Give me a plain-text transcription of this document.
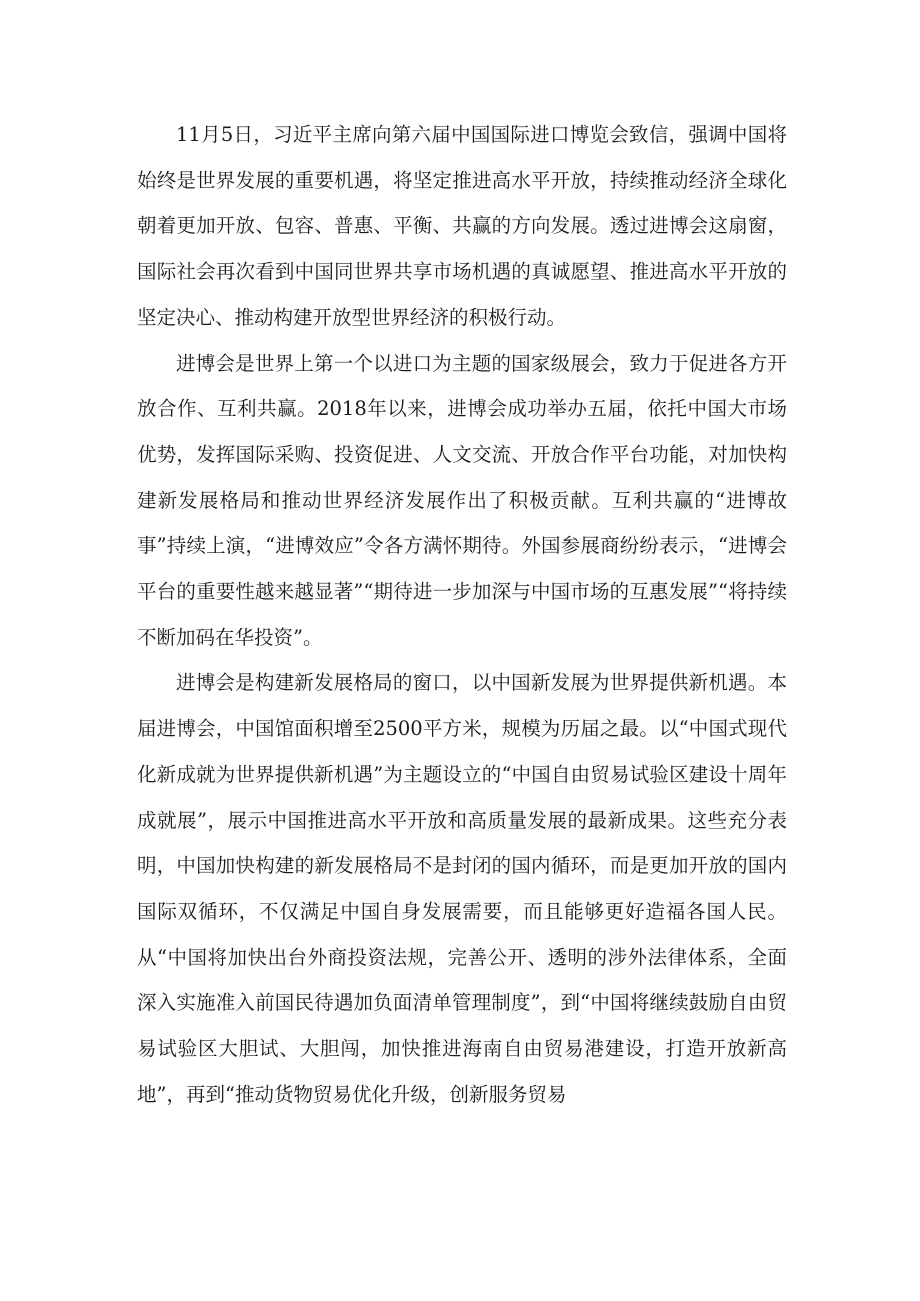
11月5日，习近平主席向第六届中国国际进口博览会致信，强调中国将始终是世界发展的重要机遇，将坚定推进高水平开放，持续推动经济全球化朝着更加开放、包容、普惠、平衡、共赢的方向发展。透过进博会这扇窗，国际社会再次看到中国同世界共享市场机遇的真诚愿望、推进高水平开放的坚定决心、推动构建开放型世界经济的积极行动。

进博会是世界上第一个以进口为主题的国家级展会，致力于促进各方开放合作、互利共赢。2018年以来，进博会成功举办五届，依托中国大市场优势，发挥国际采购、投资促进、人文交流、开放合作平台功能，对加快构建新发展格局和推动世界经济发展作出了积极贡献。互利共赢的“进博故事”持续上演，“进博效应”令各方满怀期待。外国参展商纷纷表示，“进博会平台的重要性越来越显著”“期待进一步加深与中国市场的互惠发展”“将持续不断加码在华投资”。

进博会是构建新发展格局的窗口，以中国新发展为世界提供新机遇。本届进博会，中国馆面积增至2500平方米，规模为历届之最。以“中国式现代化新成就为世界提供新机遇”为主题设立的“中国自由贸易试验区建设十周年成就展”，展示中国推进高水平开放和高质量发展的最新成果。这些充分表明，中国加快构建的新发展格局不是封闭的国内循环，而是更加开放的国内国际双循环，不仅满足中国自身发展需要，而且能够更好造福各国人民。从“中国将加快出台外商投资法规，完善公开、透明的涉外法律体系，全面深入实施准入前国民待遇加负面清单管理制度”，到“中国将继续鼓励自由贸易试验区大胆试、大胆闯，加快推进海南自由贸易港建设，打造开放新高地”，再到“推动货物贸易优化升级，创新服务贸易
